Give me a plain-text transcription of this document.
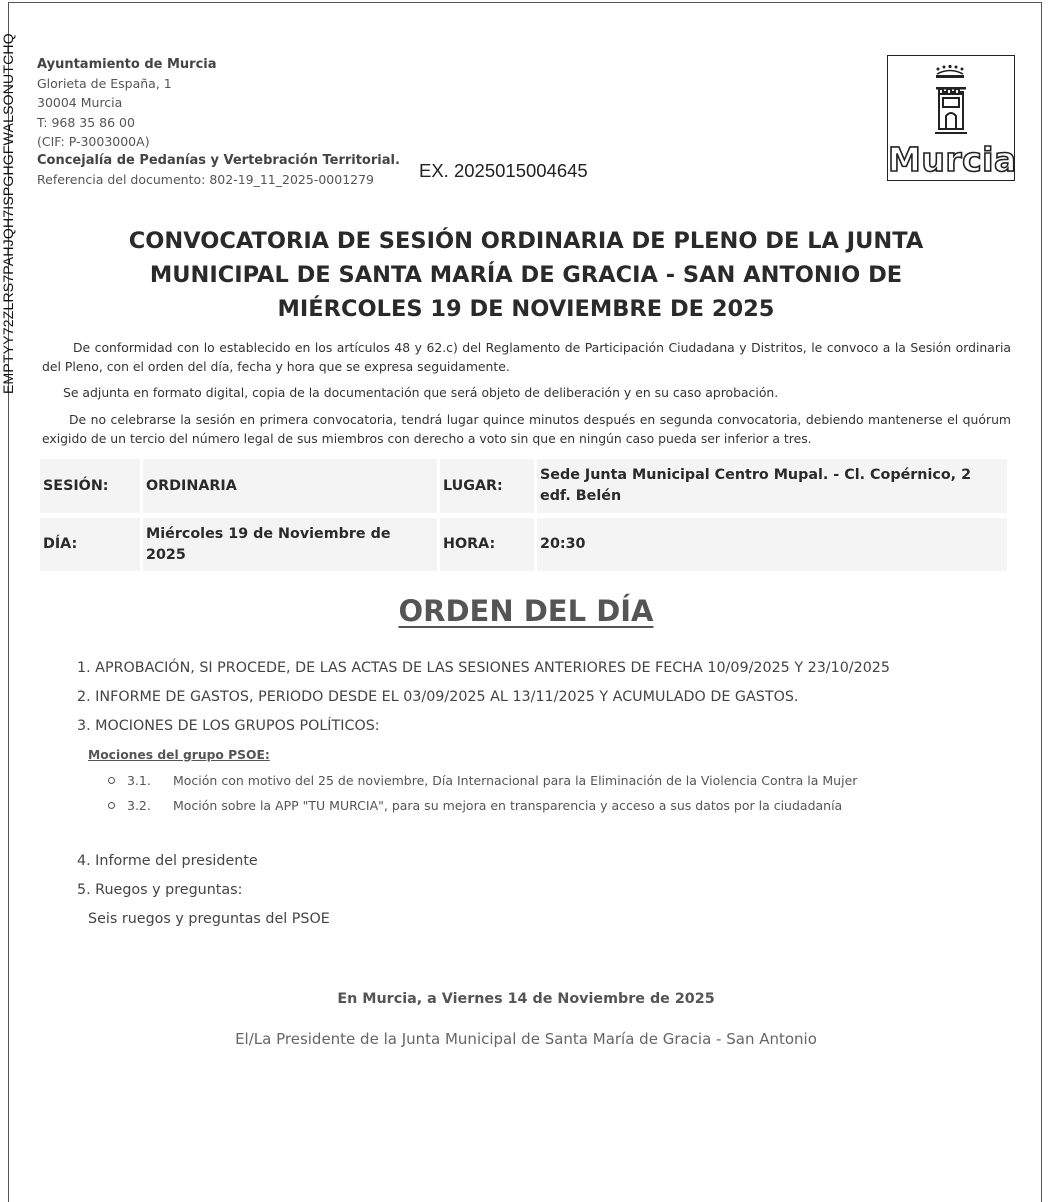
EMPTYY72ZLRS7PAHJQH7ISPGHGFWALSONUTCHQ Ayuntamiento de Murcia
Glorieta de España, 1
30004 Murcia
T: 968 35 86 00
(CIF: P-3003000A)
Concejalía de Pedanías y Vertebración Territorial.
Referencia del documento: 802-19_11_2025-0001279	EX. 2025015004645	Murcia
CONVOCATORIA DE SESIÓN ORDINARIA DE PLENO DE LA JUNTA
MUNICIPAL DE SANTA MARÍA DE GRACIA - SAN ANTONIO DE
MIÉRCOLES 19 DE NOVIEMBRE DE 2025
De conformidad con lo establecido en los artículos 48 y 62.c) del Reglamento de Participación Ciudadana y Distritos, le convoco a la Sesión ordinaria del Pleno, con el orden del día, fecha y hora que se expresa seguidamente.
Se adjunta en formato digital, copia de la documentación que será objeto de deliberación y en su caso aprobación.
De no celebrarse la sesión en primera convocatoria, tendrá lugar quince minutos después en segunda convocatoria, debiendo mantenerse el quórum exigido de un tercio del número legal de sus miembros con derecho a voto sin que en ningún caso pueda ser inferior a tres.
SESIÓN:	ORDINARIA	LUGAR:	Sede Junta Municipal Centro Mupal. - Cl. Copérnico, 2 edf. Belén
DÍA:	Miércoles 19 de Noviembre de 2025	HORA:	20:30
ORDEN DEL DÍA
1. APROBACIÓN, SI PROCEDE, DE LAS ACTAS DE LAS SESIONES ANTERIORES DE FECHA 10/09/2025 Y 23/10/2025
2. INFORME DE GASTOS, PERIODO DESDE EL 03/09/2025 AL 13/11/2025 Y ACUMULADO DE GASTOS.
3. MOCIONES DE LOS GRUPOS POLÍTICOS:
Mociones del grupo PSOE:
3.1. Moción con motivo del 25 de noviembre, Día Internacional para la Eliminación de la Violencia Contra la Mujer
3.2. Moción sobre la APP "TU MURCIA", para su mejora en transparencia y acceso a sus datos por la ciudadanía
4. Informe del presidente
5. Ruegos y preguntas:
Seis ruegos y preguntas del PSOE
En Murcia, a Viernes 14 de Noviembre de 2025
El/La Presidente de la Junta Municipal de Santa María de Gracia - San Antonio
